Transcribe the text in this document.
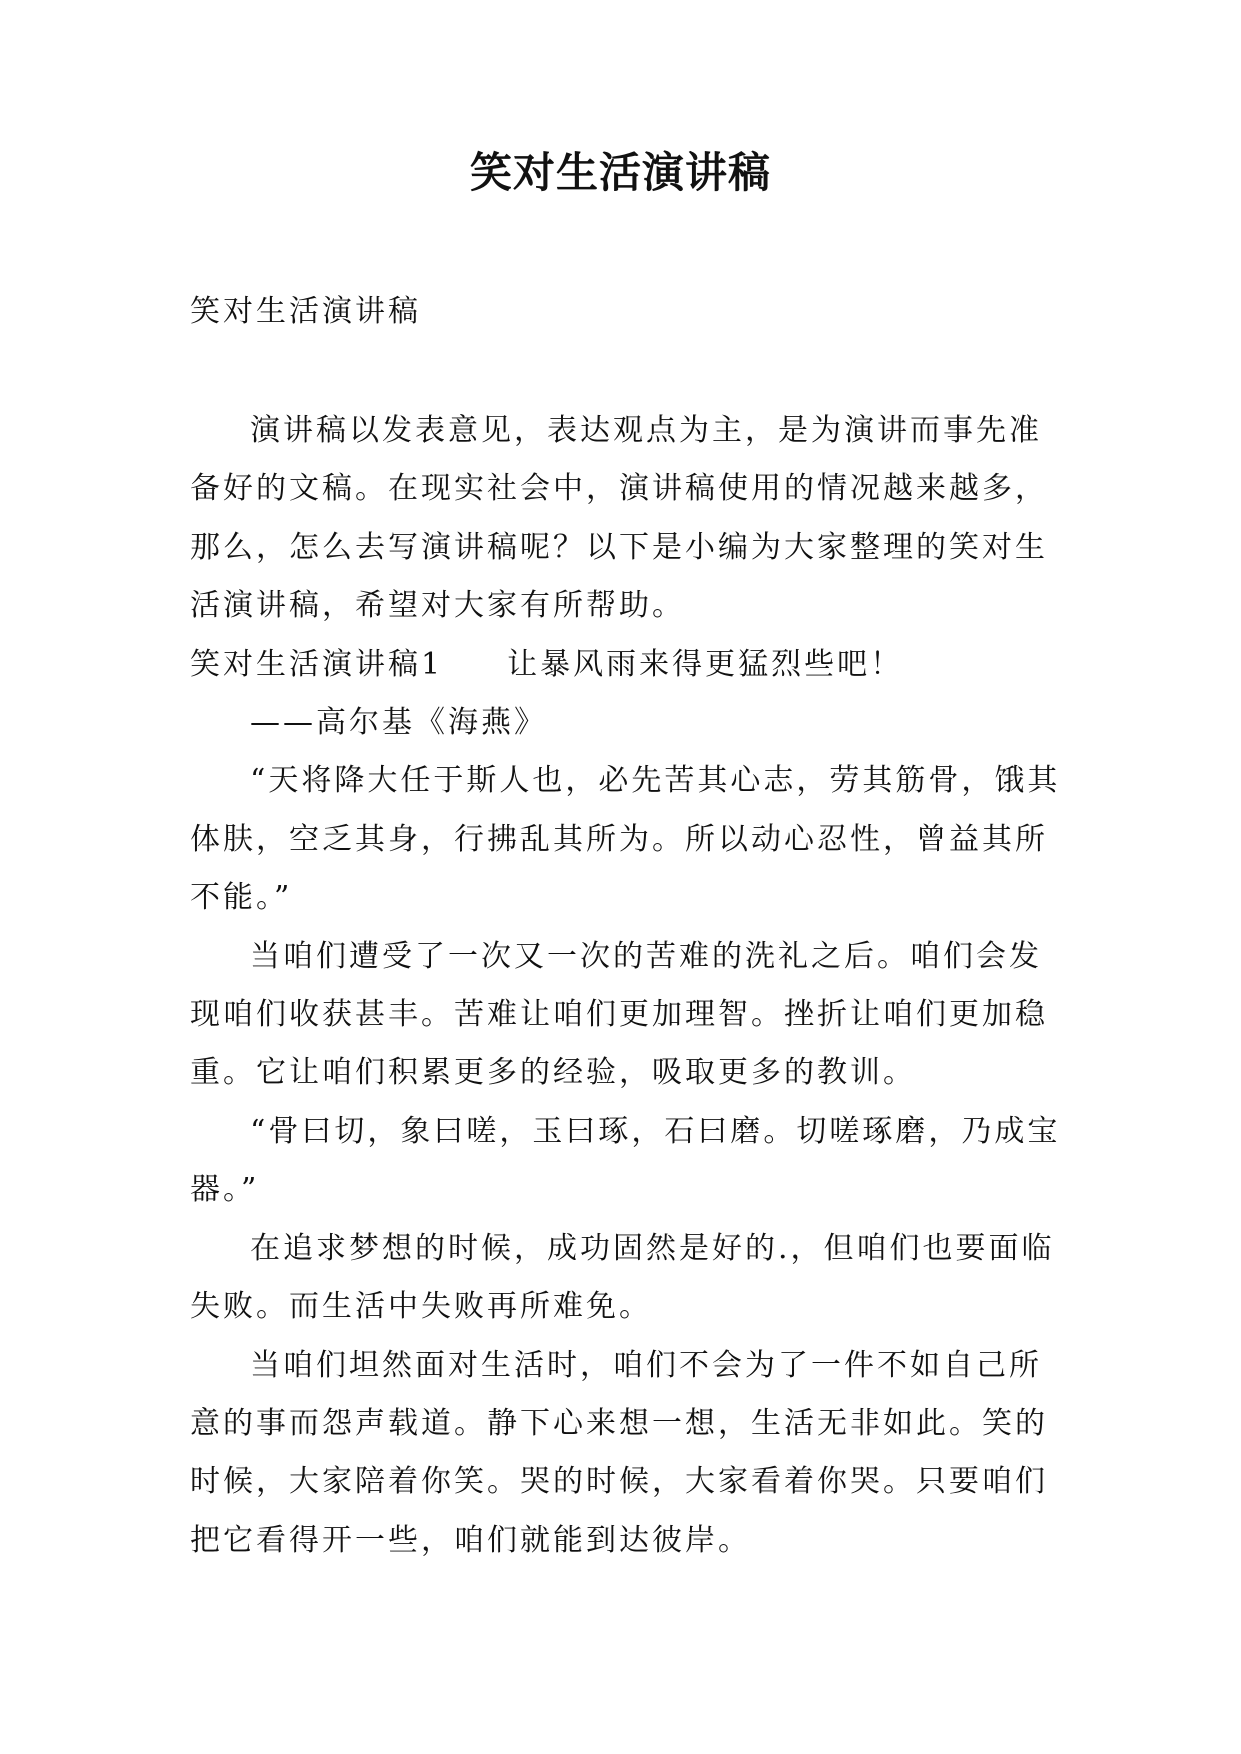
笑对生活演讲稿
笑对生活演讲稿

演讲稿以发表意见，表达观点为主，是为演讲而事先准备好的文稿。在现实社会中，演讲稿使用的情况越来越多，那么，怎么去写演讲稿呢？以下是小编为大家整理的笑对生活演讲稿，希望对大家有所帮助。

笑对生活演讲稿1 让暴风雨来得更猛烈些吧！

——高尔基《海燕》

“天将降大任于斯人也，必先苦其心志，劳其筋骨，饿其体肤，空乏其身，行拂乱其所为。所以动心忍性，曾益其所不能。”

当咱们遭受了一次又一次的苦难的洗礼之后。咱们会发现咱们收获甚丰。苦难让咱们更加理智。挫折让咱们更加稳重。它让咱们积累更多的经验，吸取更多的教训。

“骨曰切，象曰嗟，玉曰琢，石曰磨。切嗟琢磨，乃成宝器。”

在追求梦想的时候，成功固然是好的.，但咱们也要面临失败。而生活中失败再所难免。

当咱们坦然面对生活时，咱们不会为了一件不如自己所意的事而怨声载道。静下心来想一想，生活无非如此。笑的时候，大家陪着你笑。哭的时候，大家看着你哭。只要咱们把它看得开一些，咱们就能到达彼岸。
